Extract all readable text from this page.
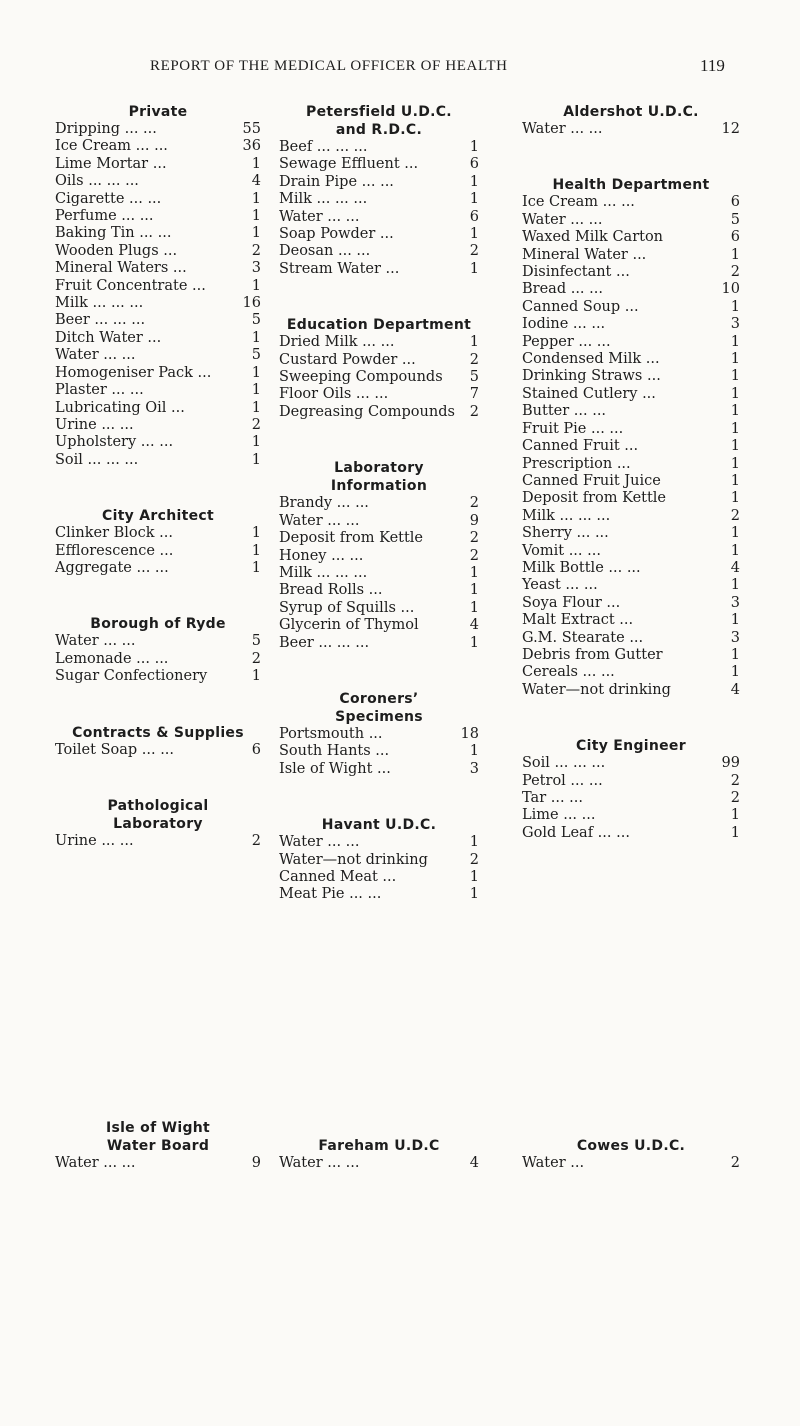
REPORT OF THE MEDICAL OFFICER OF HEALTH	119
Private
Dripping ... ...	55
Ice Cream ... ...	36
Lime Mortar ...	1
Oils ... ... ...	4
Cigarette ... ...	1
Perfume ... ...	1
Baking Tin ... ...	1
Wooden Plugs ...	2
Mineral Waters ...	3
Fruit Concentrate ...	1
Milk ... ... ...	16
Beer ... ... ...	5
Ditch Water ...	1
Water ... ...	5
Homogeniser Pack ...	1
Plaster ... ...	1
Lubricating Oil ...	1
Urine ... ...	2
Upholstery ... ...	1
Soil ... ... ...	1
City Architect
Clinker Block ...	1
Efflorescence ...	1
Aggregate ... ...	1
Borough of Ryde
Water ... ...	5
Lemonade ... ...	2
Sugar Confectionery	1
Contracts & Supplies
Toilet Soap ... ...	6
Pathological
Laboratory
Urine ... ...	2
Petersfield U.D.C.
and R.D.C.
Beef ... ... ...	1
Sewage Effluent ...	6
Drain Pipe ... ...	1
Milk ... ... ...	1
Water ... ...	6
Soap Powder ...	1
Deosan ... ...	2
Stream Water ...	1
Education Department
Dried Milk ... ...	1
Custard Powder ...	2
Sweeping Compounds	5
Floor Oils ... ...	7
Degreasing Compounds	2
Laboratory
Information
Brandy ... ...	2
Water ... ...	9
Deposit from Kettle	2
Honey ... ...	2
Milk ... ... ...	1
Bread Rolls ...	1
Syrup of Squills ...	1
Glycerin of Thymol	4
Beer ... ... ...	1
Coroners’
Specimens
Portsmouth ...	18
South Hants ...	1
Isle of Wight ...	3
Havant U.D.C.
Water ... ...	1
Water—not drinking	2
Canned Meat ...	1
Meat Pie ... ...	1
Aldershot U.D.C.
Water ... ...	12
Health Department
Ice Cream ... ...	6
Water ... ...	5
Waxed Milk Carton	6
Mineral Water ...	1
Disinfectant ...	2
Bread ... ...	10
Canned Soup ...	1
Iodine ... ...	3
Pepper ... ...	1
Condensed Milk ...	1
Drinking Straws ...	1
Stained Cutlery ...	1
Butter ... ...	1
Fruit Pie ... ...	1
Canned Fruit ...	1
Prescription ...	1
Canned Fruit Juice	1
Deposit from Kettle	1
Milk ... ... ...	2
Sherry ... ...	1
Vomit ... ...	1
Milk Bottle ... ...	4
Yeast ... ...	1
Soya Flour ...	3
Malt Extract ...	1
G.M. Stearate ...	3
Debris from Gutter	1
Cereals ... ...	1
Water—not drinking	4
City Engineer
Soil ... ... ...	99
Petrol ... ...	2
Tar ... ...	2
Lime ... ...	1
Gold Leaf ... ...	1
Isle of Wight
Water Board
Water ... ...	9
Fareham U.D.C
Water ... ...	4
Cowes U.D.C.
Water ...	2
